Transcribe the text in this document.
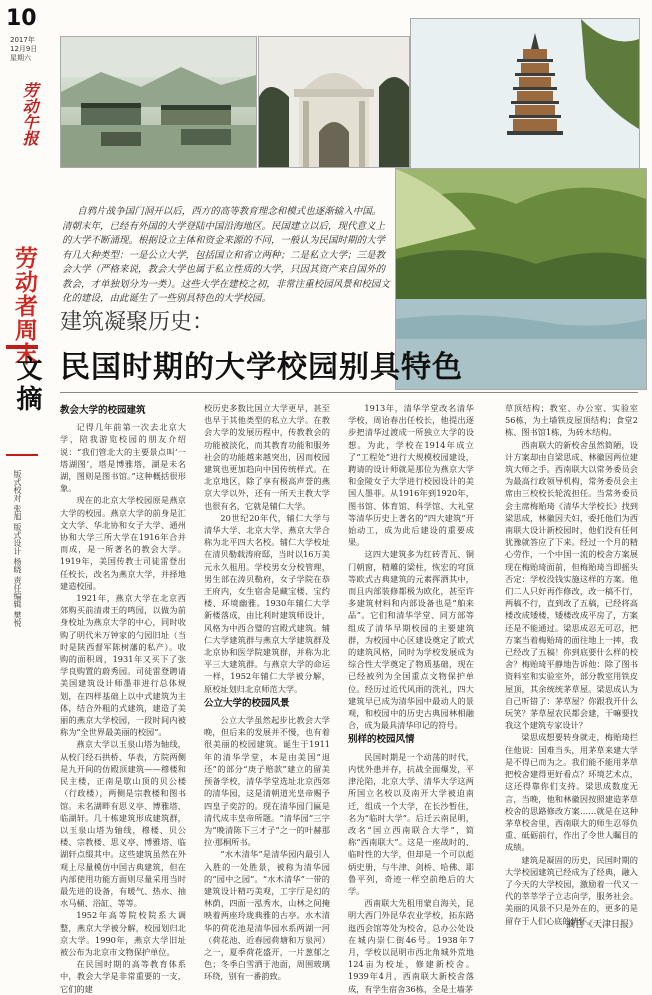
10
2017年
12月9日
星期六
劳动午报
劳动者周末
文摘
版式校对 张旭 版式设计 杨晓 责任编辑 樊悦

自鸦片战争国门洞开以后，西方的高等教育理念和模式也逐渐输入中国。清朝末年，已经有外国的大学登陆中国沿海地区。民国建立以后，现代意义上的大学不断涌现。根据设立主体和资金来源的不同，一般认为民国时期的大学有几大种类型：一是公立大学，包括国立和省立两种；二是私立大学；三是教会大学（严格来说，教会大学也属于私立性质的大学，只因其资产来自国外的教会，才单独划分为一类）。这些大学在建校之初，非常注重校园风景和校园文化的建设，由此诞生了一些别具特色的大学校园。

建筑凝聚历史：
民国时期的大学校园别具特色
教会大学的校园建筑

记得几年前第一次去北京大学，陪我游览校园的朋友介绍说：“我们管北大的主要景点叫‘一塔湖图’，塔是博雅塔，湖是未名湖，图则是图书馆。”这种概括很形象。

现在的北京大学校园原是燕京大学的校园。燕京大学的前身是汇文大学、华北协和女子大学、通州协和大学三所大学在1916年合并而成，是一所著名的教会大学。1919年，美国传教士司徒雷登出任校长，改名为燕京大学，并择地建造校园。

1921年，燕京大学在北京西郊购买前清肃王的鸣园，以做为前身校址为燕京大学的中心，同时收购了明代米万钟家的勺园旧址（当时是陕西督军陈树藩的私产）。收购的面积周，1931年又买下了张学良购置的蔚秀园。司徒雷登聘请美国建筑设计师墨菲进行总体规划，在四样基础上以中式建筑为主体，结合外粗的式建筑，建造了美丽的燕京大学校园，一段时间内被称为“全世界最美丽的校园”。

燕京大学以玉泉山塔为轴线，从校门经石拱桥、华表，方院两侧是九开间的仿殿顶建筑——穆楼和民主楼，正南是歇山顶的贝公楼（行政楼），两侧是宗教楼和图书馆。未名湖畔有思义亭、博雅塔、临湖轩。几十栋建筑形成建筑群，以玉泉山塔为轴线，穆楼、贝公楼、宗教楼、思义亭、博雅塔、临湖轩点缀其中。这些建筑虽然在外观上尽量模仿中国古典建筑，但在内部使用功能方面则尽量采用当时最先进的设备，有暖气、热水、抽水马桶、浴缸、等等。

1952年高等院校院系大调整，燕京大学被分解，校园划归北京大学。1990年，燕京大学旧址被公布为北京市文物保护单位。

在民国时期的高等教育体系中，教会大学是非常重要的一支，它们的建

校历史多数比国立大学更早，甚至也早于其他类型的私立大学。在教会大学的发展历程中，传教教会的功能被淡化，而其教育功能和服务社会的功能越来越突出，因而校园建筑也更加趋向中国传统样式。在北京地区，除了享有极高声誉的燕京大学以外，还有一所天主教大学也很有名，它就是辅仁大学。

20世纪20年代，辅仁大学与清华大学、北京大学、燕京大学合称为北平四大名校。辅仁大学校址在清贝勒载涛府邸，当时以16万美元永久租用。学校男女分校管理，男生部在涛贝勒府，女子学院在恭王府内，女生宿舍是藏宝楼、宝约楼、环境幽雅。1930年辅仁大学新楼落成，由比利时建筑师设计，风格为中西合璧的宫殿式建筑。辅仁大学建筑群与燕京大学建筑群及北京协和医学院建筑群，并称为北平三大建筑群。与燕京大学的命运一样，1952年辅仁大学被分解，原校址划归北京师范大学。

公立大学的校园风景

公立大学虽然起步比教会大学晚，但后来的发展并不慢，也有着很美丽的校园建筑。诞生于1911年的清华学堂，本是由美国“退还”的部分“庚子赔款”建立的留美预备学校，清华学堂选址北京西郊的清华园，这是清朝道光皇帝赐予四皇子奕詝的。现在清华园门匾是清代成丰皇帝所题。“清华园”三字为“晚清陈下三才子”之一的叶赫那拉·那桐所书。

“水木清华”是清华园内最引人入胜的一处胜景，被称为清华园的“园中之园”。“水木清华”一带的建筑设计精巧美观，工字厅是幻的林荫，四面一泓秀水，山林之间掩映着两座玲珑典雅的古亭。水木清华的荷花池是清华园水系两湖一河（荷花池、近春园荷塘和万泉河）之一，夏季荷花盛开，一片葱郁之色；冬季白雪洒于池面，周围玻璃环绕，别有一番韵致。

1913年，清华学堂改名清华学校，周诒春出任校长，他提出逐步把清华过渡成一所独立大学的设想。为此，学校在1914年成立了“工程处”进行大规模校园建设，聘请的设计师就是那位为燕京大学和金陵女子大学进行校园设计的美国人墨菲。从1916年到1920年，图书馆、体育馆、科学馆、大礼堂等清华历史上著名的“四大建筑”开始动工，成为此后建设的重要成果。

这四大建筑多为红砖青瓦、铜门朝窗，精雕的梁柱，恢宏的穹顶等欧式古典建筑的元素挥洒其中，而且内部装修都极为欧化，甚至许多建筑材料和内部设备也是“舶来品”。它们和清华学堂、同方部等组成了清华早期校园的主要建筑群，为校园中心区建设奠定了欧式的建筑风格，同时为学校发展成为综合性大学奠定了物质基础，现在已经被列为全国重点文物保护单位。经历过近代风雨的洗礼，四大建筑早已成为清华园中最动人的景观，和校园中的历史古典园林相融合，成为最具清华印记的符号。

别样的校园风情

民国时期是一个动荡的时代，内忧外患并存，抗战全面爆发，平津沦陷，北京大学、清华大学这两所国立名校以及南开大学被迫南迁，组成一个大学，在长沙暂住，名为“临时大学”。后迁云南昆明，改名“国立西南联合大学”，简称“西南联大”。这是一座战时的、临时性的大学，但却是一个可以彪炳史册，与牛津、剑桥、哈佛、耶鲁平列，奇迹一样空前绝后的大学。

西南联大先租用蒙自海关，昆明大西门外昆华农业学校，拓东路迤西会馆等处为校舍，总办公处设在城内崇仁街46号。1938年7月，学校以昆明市西北角城外荒地124亩为校址，修建新校舍。1939年4月，西南联大新校舍落成，有学生宿舍36栋，全是土墙茅

草顶结构；教室、办公室、实验室56栋，为土墙铁皮屋顶结构；食堂2栋、图书馆1栋，为砖木结构。

西南联大的新校舍虽然简陋，设计方案却由自梁思成、林徽因两位建筑大师之手。西南联大以常务委员会为最高行政领导机构，常务委员会主席由三校校长轮流担任。当常务委员会主席梅贻琦《清华大学校长》找到梁思成，林徽因夫妇，委托他们为西南联大设计新校园时，他们没有任何犹豫就答应了下来。经过一个月的精心劳作，一个中国一流的校舍方案展现在梅贻琦面前，但梅贻琦当即摇头否定：学校没钱实施这样的方案。他们二人只好再作修改，改一稿不行，两稿不行，直到改了五稿，已经将高楼改成矮楼，矮楼改成平房了，方案还是不能通过。梁思成忍无可忍，把方案当着梅贻琦的面往地上一摔，我已经改了五稿！你到底要什么样的校舍？梅贻琦平静地告诉他：除了图书资料室和实验室外，部分教室用铁皮屋顶，其余统统茅草屋。梁思成认为自己听错了：茅草屋？你跟我开什么玩笑？茅草屋农民都会建，干嘛要找我这个建筑专家设计？

梁思成想要转身就走，梅贻琦拦住他说：国难当头，用茅草来建大学是不得已而为之。我们能不能用茅草把校舍建得更好看点？环境艺术点，这还得靠你们支持。梁思成数度无言，当晚，他和林徽因按照建造茅草校舍的思路修改方案……就是在这种茅草校舍里，西南联大的师生忍辱负重、砥砺前行，作出了令世人瞩目的成绩。

建筑是凝固的历史，民国时期的大学校园建筑已经成为了经典，融入了今天的大学校园，激励着一代又一代的莘莘学子立志向学，服务社会。美丽的风景不只是外在的，更多的是留存于人们心底的情怀。

摘自《天津日报》
